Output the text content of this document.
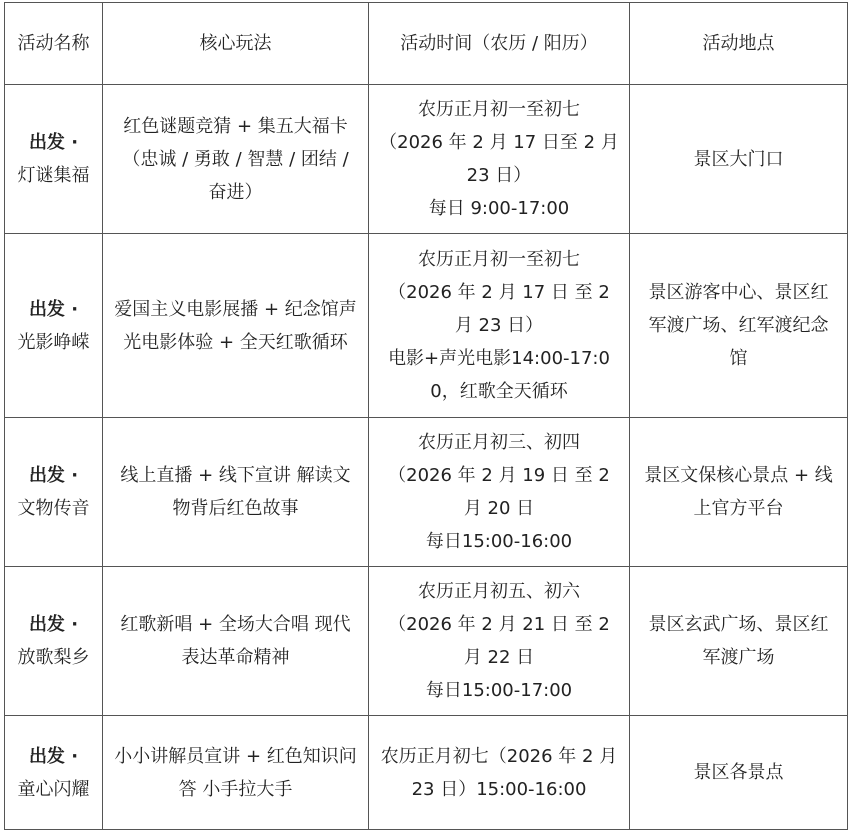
活动名称	核心玩法	活动时间（农历 / 阳历）	活动地点

出发 ·
灯谜集福	红色谜题竞猜 + 集五大福卡（忠诚 / 勇敢 / 智慧 / 团结 / 奋进）	农历正月初一至初七
（2026 年 2 月 17 日至 2 月 23 日）
每日 9:00-17:00	景区大门口

出发 ·
光影峥嵘	爱国主义电影展播 + 纪念馆声光电影体验 + 全天红歌循环	农历正月初一至初七
（2026 年 2 月 17 日 至 2 月 23 日）
电影+声光电影14:00-17:00，红歌全天循环	景区游客中心、景区红军渡广场、红军渡纪念馆

出发 ·
文物传音	线上直播 + 线下宣讲 解读文物背后红色故事	农历正月初三、初四
（2026 年 2 月 19 日 至 2 月 20 日
每日15:00-16:00	景区文保核心景点 + 线上官方平台

出发 ·
放歌梨乡	红歌新唱 + 全场大合唱 现代表达革命精神	农历正月初五、初六
（2026 年 2 月 21 日 至 2 月 22 日
每日15:00-17:00	景区玄武广场、景区红军渡广场

出发 ·
童心闪耀	小小讲解员宣讲 + 红色知识问答 小手拉大手	农历正月初七（2026 年 2 月 23 日）15:00-16:00	景区各景点
